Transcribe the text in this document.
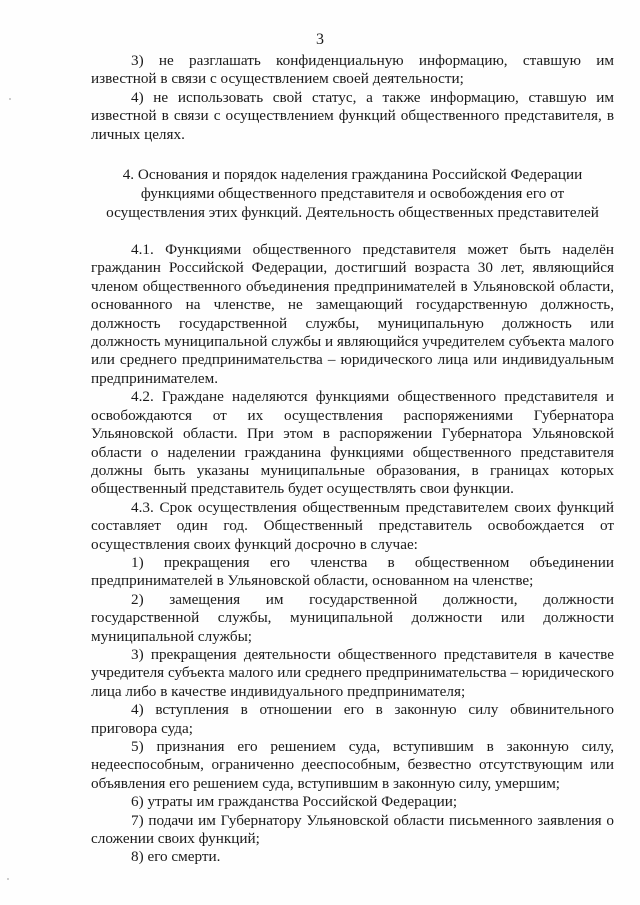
3

3) не разглашать конфиденциальную информацию, ставшую им известной в связи с осуществлением своей деятельности;

4) не использовать свой статус, а также информацию, ставшую им известной в связи с осуществлением функций общественного представителя, в личных целях.

4. Основания и порядок наделения гражданина Российской Федерации
функциями общественного представителя и освобождения его от
осуществления этих функций. Деятельность общественных представителей

4.1. Функциями общественного представителя может быть наделён гражданин Российской Федерации, достигший возраста 30 лет, являющийся членом общественного объединения предпринимателей в Ульяновской области, основанного на членстве, не замещающий государственную должность, должность государственной службы, муниципальную должность или должность муниципальной службы и являющийся учредителем субъекта малого или среднего предпринимательства – юридического лица или индивидуальным предпринимателем.

4.2. Граждане наделяются функциями общественного представителя и освобождаются от их осуществления распоряжениями Губернатора Ульяновской области. При этом в распоряжении Губернатора Ульяновской области о наделении гражданина функциями общественного представителя должны быть указаны муниципальные образования, в границах которых общественный представитель будет осуществлять свои функции.

4.3. Срок осуществления общественным представителем своих функций составляет один год. Общественный представитель освобождается от осуществления своих функций досрочно в случае:

1) прекращения его членства в общественном объединении предпринимателей в Ульяновской области, основанном на членстве;

2) замещения им государственной должности, должности государственной службы, муниципальной должности или должности муниципальной службы;

3) прекращения деятельности общественного представителя в качестве учредителя субъекта малого или среднего предпринимательства – юридического лица либо в качестве индивидуального предпринимателя;

4) вступления в отношении его в законную силу обвинительного приговора суда;

5) признания его решением суда, вступившим в законную силу, недееспособным, ограниченно дееспособным, безвестно отсутствующим или объявления его решением суда, вступившим в законную силу, умершим;

6) утраты им гражданства Российской Федерации;

7) подачи им Губернатору Ульяновской области письменного заявления о сложении своих функций;

8) его смерти.
